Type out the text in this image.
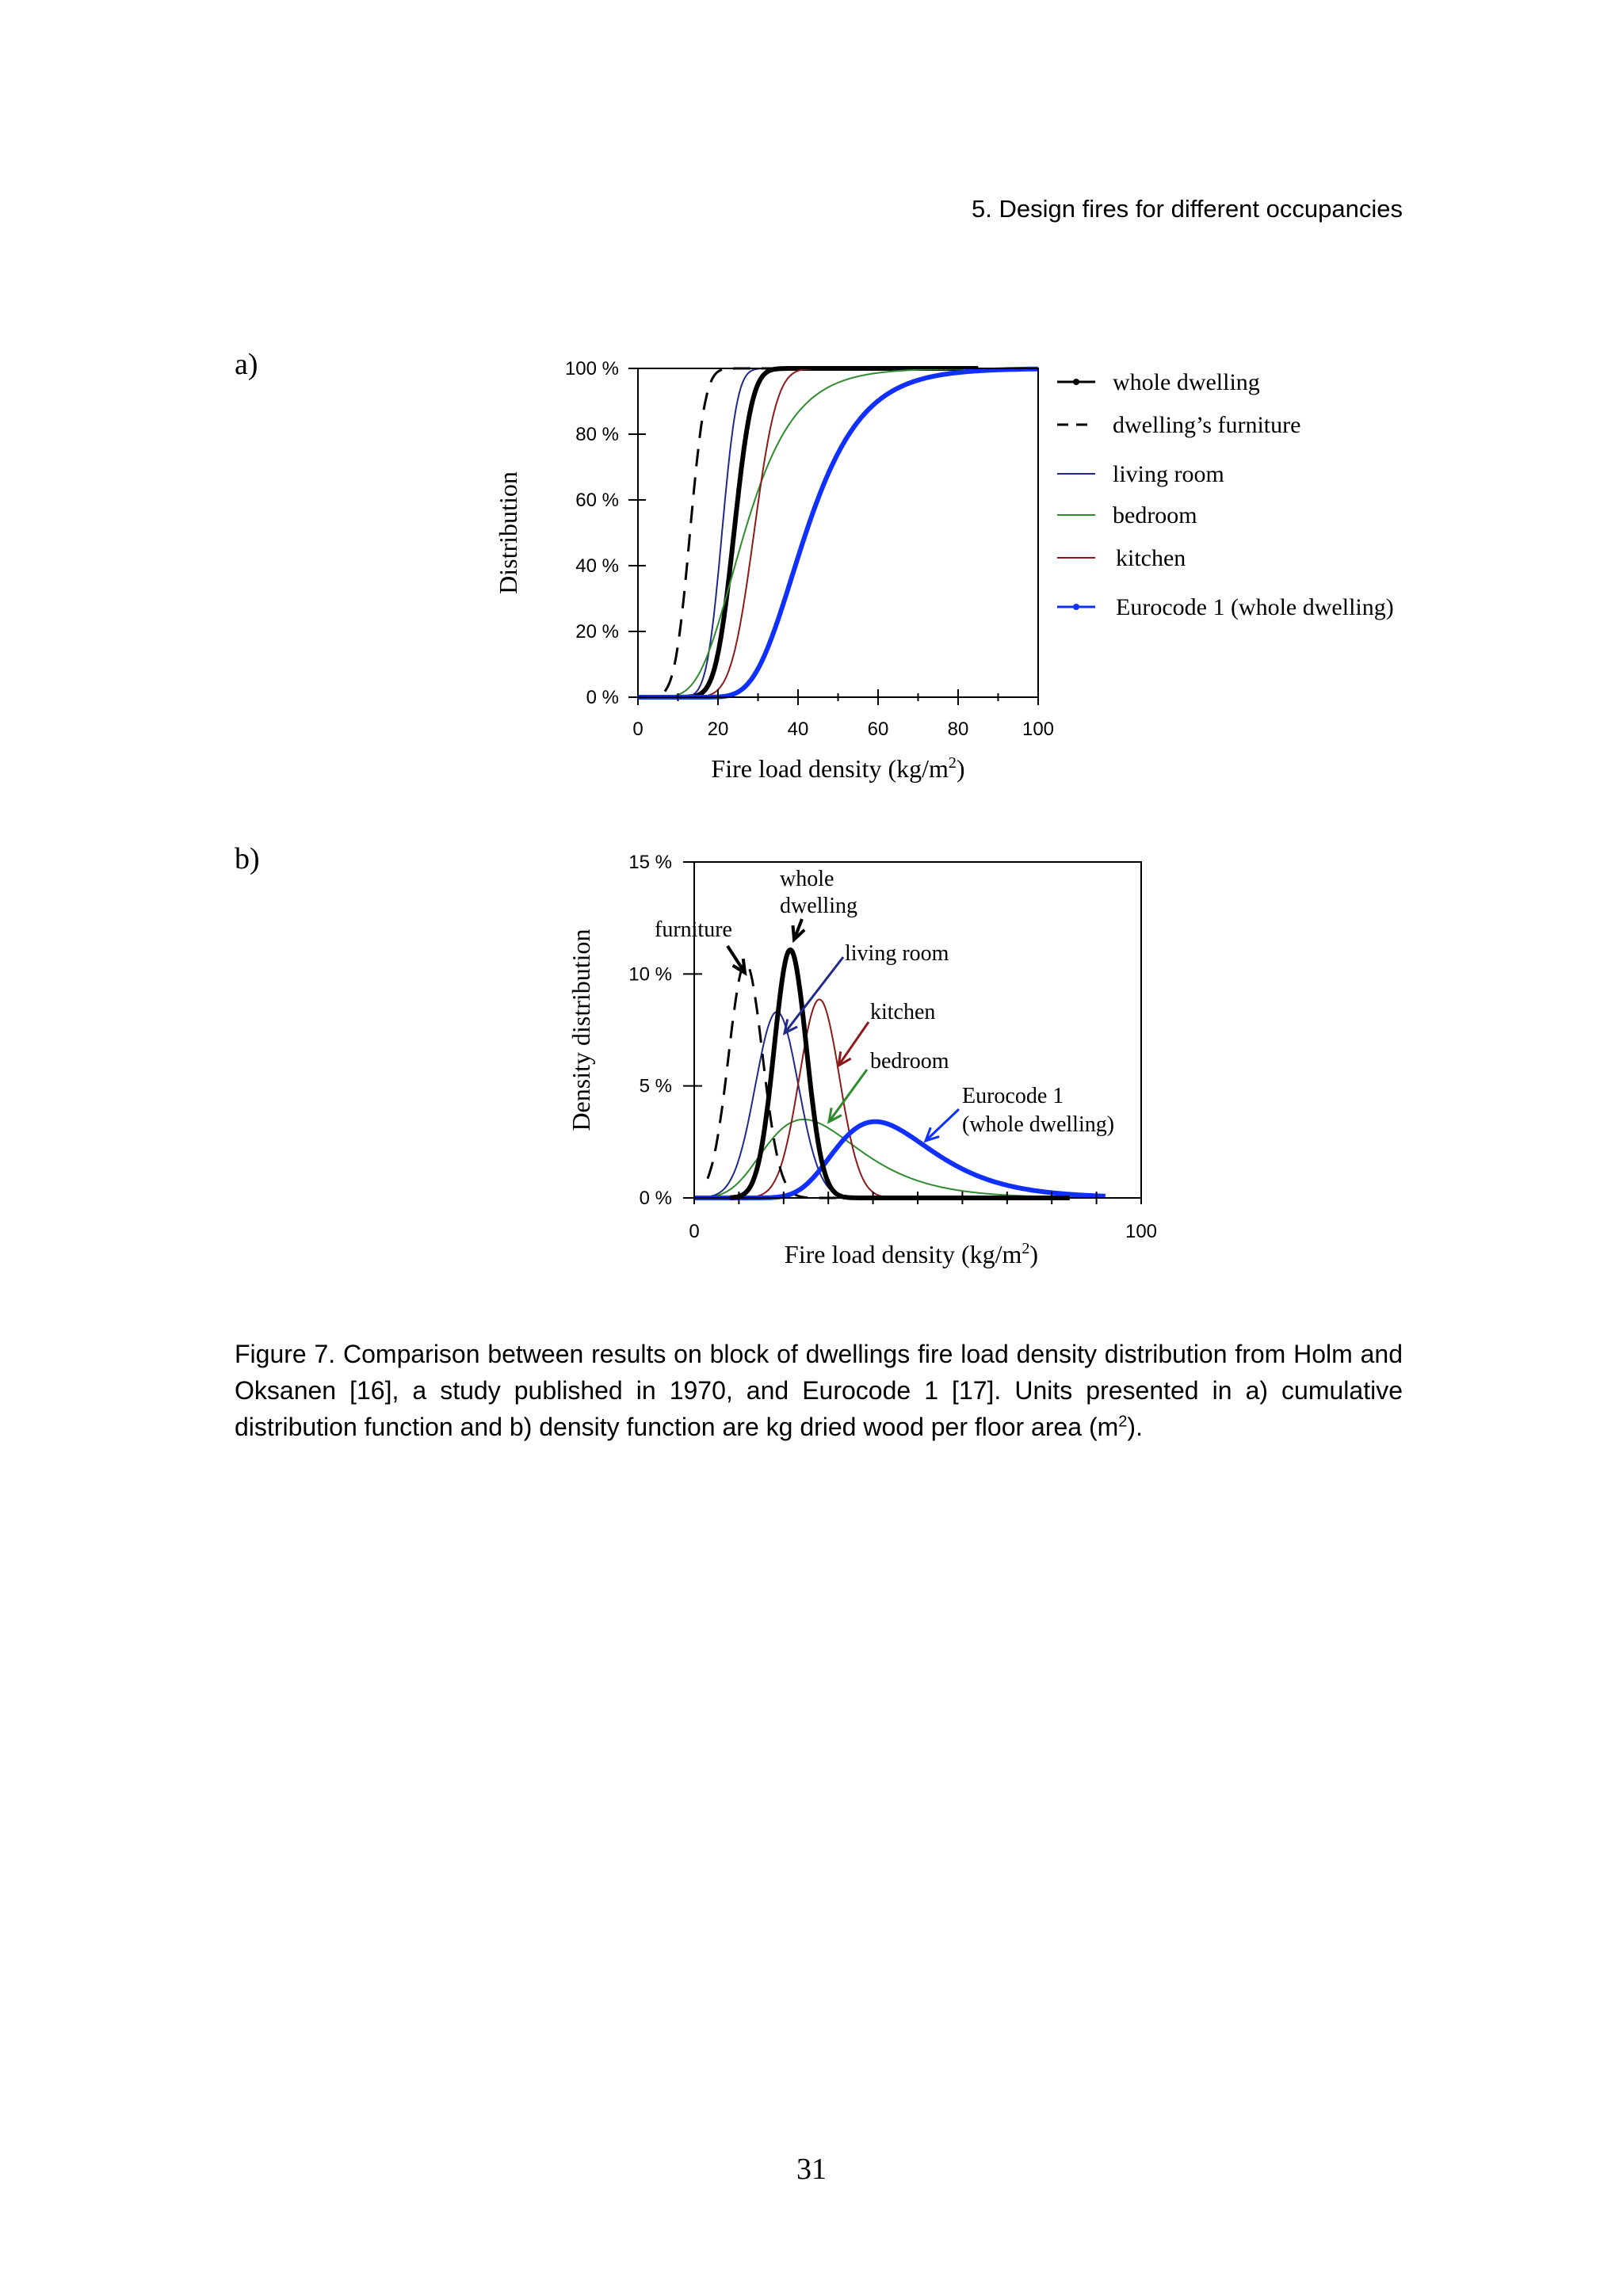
5. Design fires for different occupancies
a)
b)
0	20	40	60	80	100
0 %
20 %
40 %
60 %
80 %
100 %
Distribution
Fire load density $(kg/m^2)$
whole dwelling
dwelling’s furniture
living room
bedroom
kitchen
Eurocode 1 (whole dwelling)
0	100
0 %
5 %
10 %
15 %
Density distribution
Fire load density $(kg/m^2)$
whole
dwelling
furniture
living room
kitchen
bedroom
Eurocode 1
(whole dwelling)
Figure 7. Comparison between results on block of dwellings fire load density distribution from Holm and Oksanen [16], a study published in 1970, and Eurocode 1 [17]. Units presented in a) cumulative distribution function and b) density function are kg dried wood per floor area $(m^2)$.
31
